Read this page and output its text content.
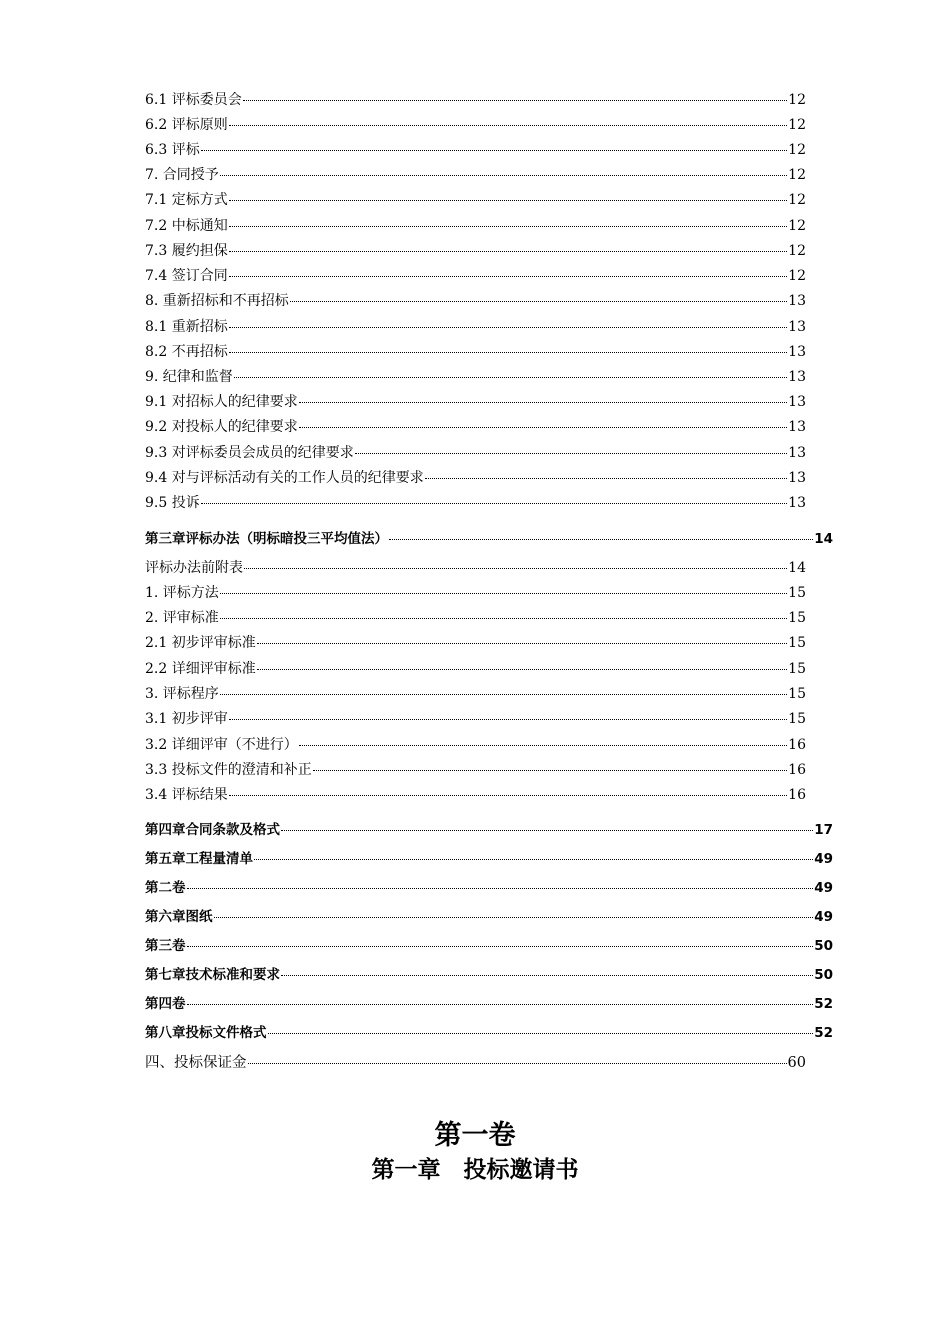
6.1 评标委员会	12
6.2 评标原则	12
6.3 评标	12
7. 合同授予	12
7.1 定标方式	12
7.2 中标通知	12
7.3 履约担保	12
7.4 签订合同	12
8. 重新招标和不再招标	13
8.1 重新招标	13
8.2 不再招标	13
9. 纪律和监督	13
9.1 对招标人的纪律要求	13
9.2 对投标人的纪律要求	13
9.3 对评标委员会成员的纪律要求	13
9.4 对与评标活动有关的工作人员的纪律要求	13
9.5 投诉	13
第三章评标办法（明标暗投三平均值法）	14
评标办法前附表	14
1. 评标方法	15
2. 评审标准	15
2.1 初步评审标准	15
2.2 详细评审标准	15
3. 评标程序	15
3.1 初步评审	15
3.2 详细评审（不进行）	16
3.3 投标文件的澄清和补正	16
3.4 评标结果	16
第四章合同条款及格式	17
第五章工程量清单	49
第二卷	49
第六章图纸	49
第三卷	50
第七章技术标准和要求	50
第四卷	52
第八章投标文件格式	52
四、投标保证金	60
第一卷
第一章　投标邀请书
